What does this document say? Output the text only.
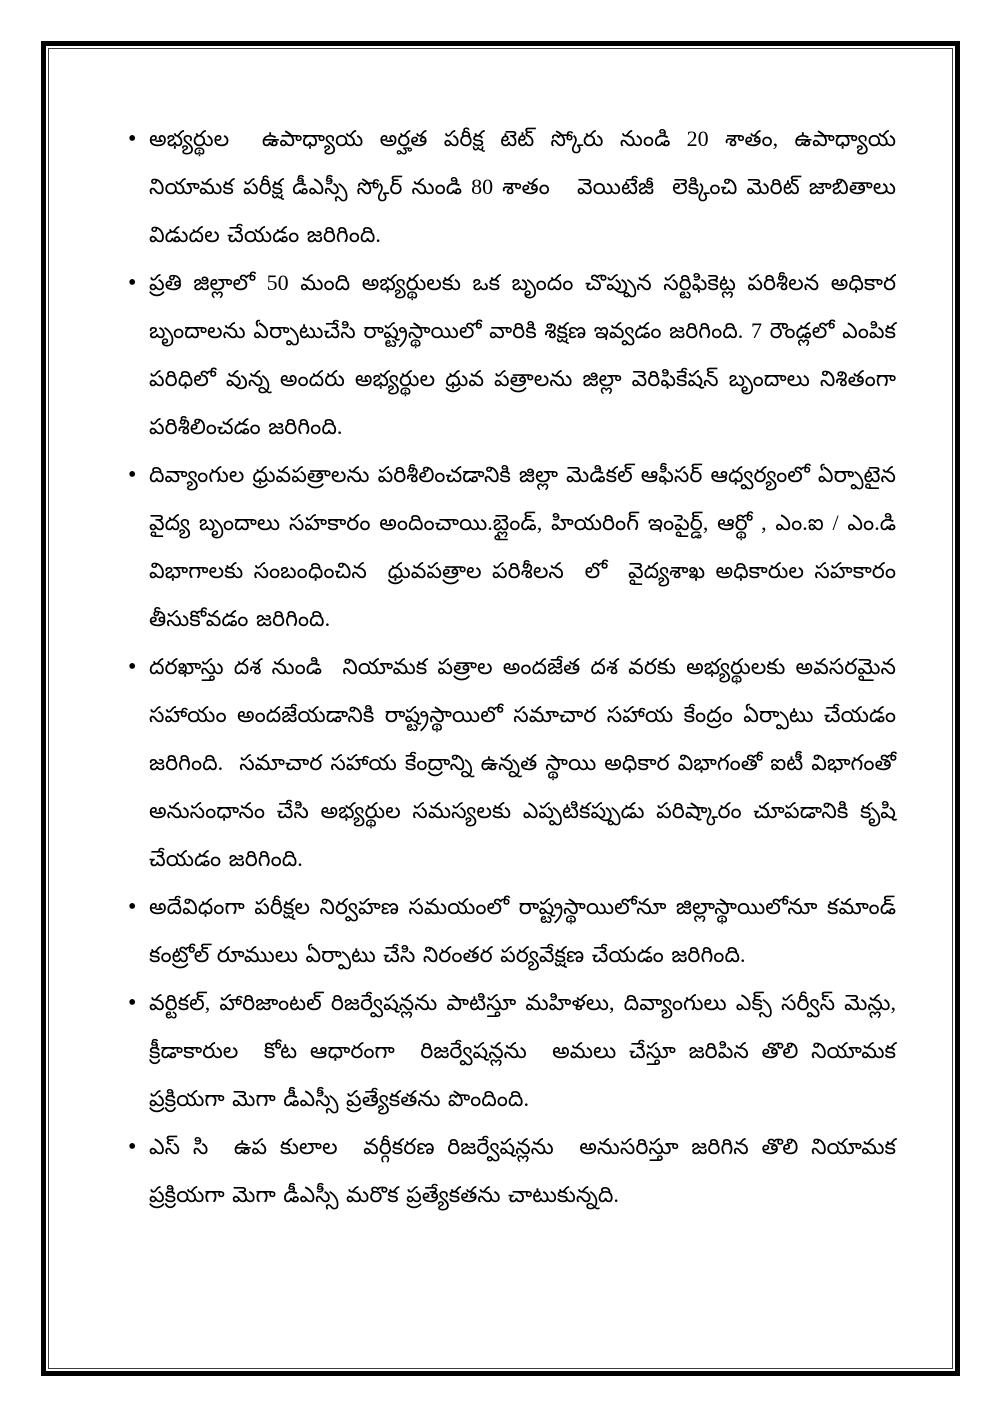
• అభ్యర్థుల  ఉపాధ్యాయ అర్హత పరీక్ష టెట్ స్కోరు నుండి 20 శాతం, ఉపాధ్యాయ నియామక పరీక్ష డీఎస్సీ స్కోర్ నుండి 80 శాతం   వెయిటేజీ  లెక్కించి మెరిట్ జాబితాలు విడుదల చేయడం జరిగింది.
• ప్రతి జిల్లాలో 50 మంది అభ్యర్థులకు ఒక బృందం చొప్పున సర్టిఫికెట్ల పరిశీలన అధికార బృందాలను ఏర్పాటుచేసి రాష్ట్రస్థాయిలో వారికి శిక్షణ ఇవ్వడం జరిగింది. 7 రౌండ్లలో ఎంపిక పరిధిలో వున్న అందరు అభ్యర్థుల ధ్రువ పత్రాలను జిల్లా వెరిఫికేషన్ బృందాలు నిశితంగా పరిశీలించడం జరిగింది.
• దివ్యాంగుల ధ్రువపత్రాలను పరిశీలించడానికి జిల్లా మెడికల్ ఆఫీసర్ ఆధ్వర్యంలో ఏర్పాటైన వైద్య బృందాలు సహకారం అందించాయి.బ్లైండ్, హియరింగ్ ఇంపైర్డ్, ఆర్థో , ఎం.ఐ / ఎం.డి విభాగాలకు సంబంధించిన  ధ్రువపత్రాల పరిశీలన  లో  వైద్యశాఖ అధికారుల సహకారం తీసుకోవడం జరిగింది.
• దరఖాస్తు దశ నుండి  నియామక పత్రాల అందజేత దశ వరకు అభ్యర్థులకు అవసరమైన సహాయం అందజేయడానికి రాష్ట్రస్థాయిలో సమాచార సహాయ కేంద్రం ఏర్పాటు చేయడం జరిగింది.  సమాచార సహాయ కేంద్రాన్ని ఉన్నత స్థాయి అధికార విభాగంతో ఐటీ విభాగంతో అనుసంధానం చేసి అభ్యర్థుల సమస్యలకు ఎప్పటికప్పుడు పరిష్కారం చూపడానికి కృషి చేయడం జరిగింది.
• అదేవిధంగా పరీక్షల నిర్వహణ సమయంలో రాష్ట్రస్థాయిలోనూ జిల్లాస్థాయిలోనూ కమాండ్ కంట్రోల్ రూములు ఏర్పాటు చేసి నిరంతర పర్యవేక్షణ చేయడం జరిగింది.
• వర్టికల్, హారిజాంటల్ రిజర్వేషన్లను పాటిస్తూ మహిళలు, దివ్యాంగులు ఎక్స్ సర్వీస్ మెన్లు, క్రీడాకారుల  కోట ఆధారంగా  రిజర్వేషన్లను  అమలు చేస్తూ జరిపిన తొలి నియామక ప్రక్రియగా మెగా డీఎస్సీ ప్రత్యేకతను పొందింది.
• ఎస్ సి  ఉప కులాల  వర్గీకరణ రిజర్వేషన్లను  అనుసరిస్తూ జరిగిన తొలి నియామక ప్రక్రియగా మెగా డీఎస్సీ మరొక ప్రత్యేకతను చాటుకున్నది.
